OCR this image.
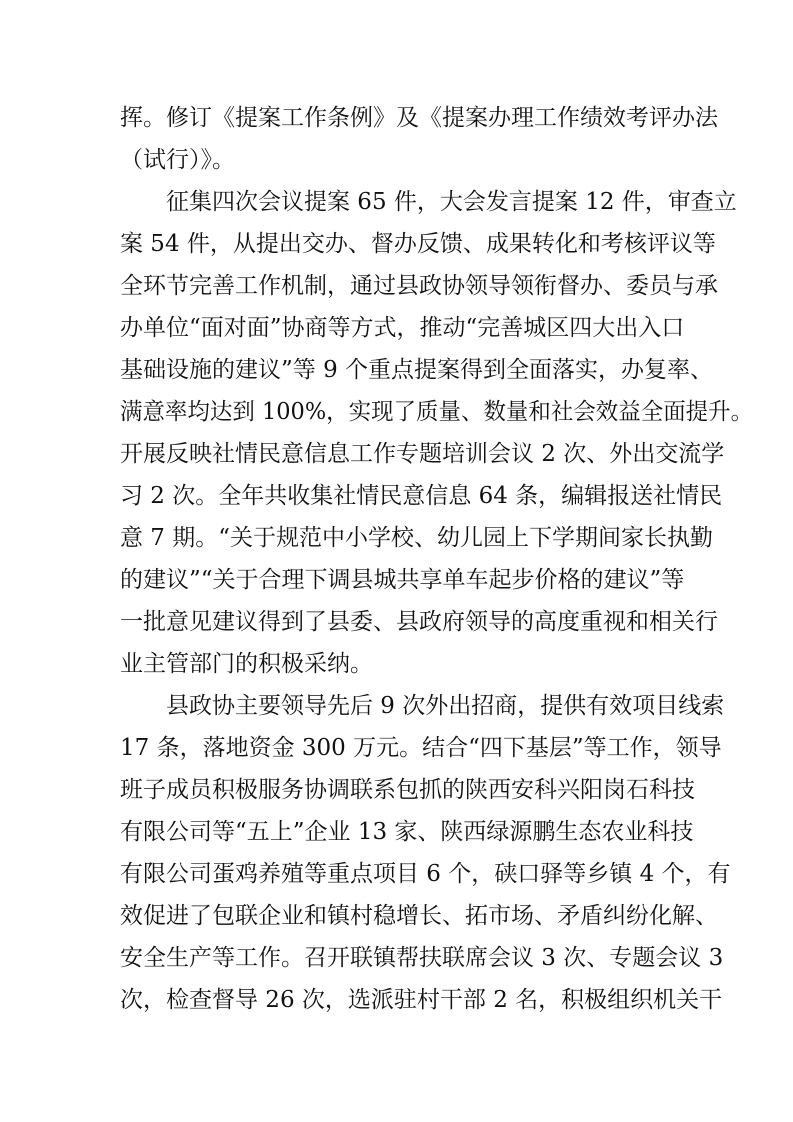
挥。修订《提案工作条例》及《提案办理工作绩效考评办法
（试行）》。
征集四次会议提案 65 件，大会发言提案 12 件，审查立
案 54 件，从提出交办、督办反馈、成果转化和考核评议等
全环节完善工作机制，通过县政协领导领衔督办、委员与承
办单位“面对面”协商等方式，推动“完善城区四大出入口
基础设施的建议”等 9 个重点提案得到全面落实，办复率、
满意率均达到 100%，实现了质量、数量和社会效益全面提升。
开展反映社情民意信息工作专题培训会议 2 次、外出交流学
习 2 次。全年共收集社情民意信息 64 条，编辑报送社情民
意 7 期。“关于规范中小学校、幼儿园上下学期间家长执勤
的建议”“关于合理下调县城共享单车起步价格的建议”等
一批意见建议得到了县委、县政府领导的高度重视和相关行
业主管部门的积极采纳。
县政协主要领导先后 9 次外出招商，提供有效项目线索
17 条，落地资金 300 万元。结合“四下基层”等工作，领导
班子成员积极服务协调联系包抓的陕西安科兴阳岗石科技
有限公司等“五上”企业 13 家、陕西绿源鹏生态农业科技
有限公司蛋鸡养殖等重点项目 6 个，硖口驿等乡镇 4 个，有
效促进了包联企业和镇村稳增长、拓市场、矛盾纠纷化解、
安全生产等工作。召开联镇帮扶联席会议 3 次、专题会议 3
次，检查督导 26 次，选派驻村干部 2 名，积极组织机关干
